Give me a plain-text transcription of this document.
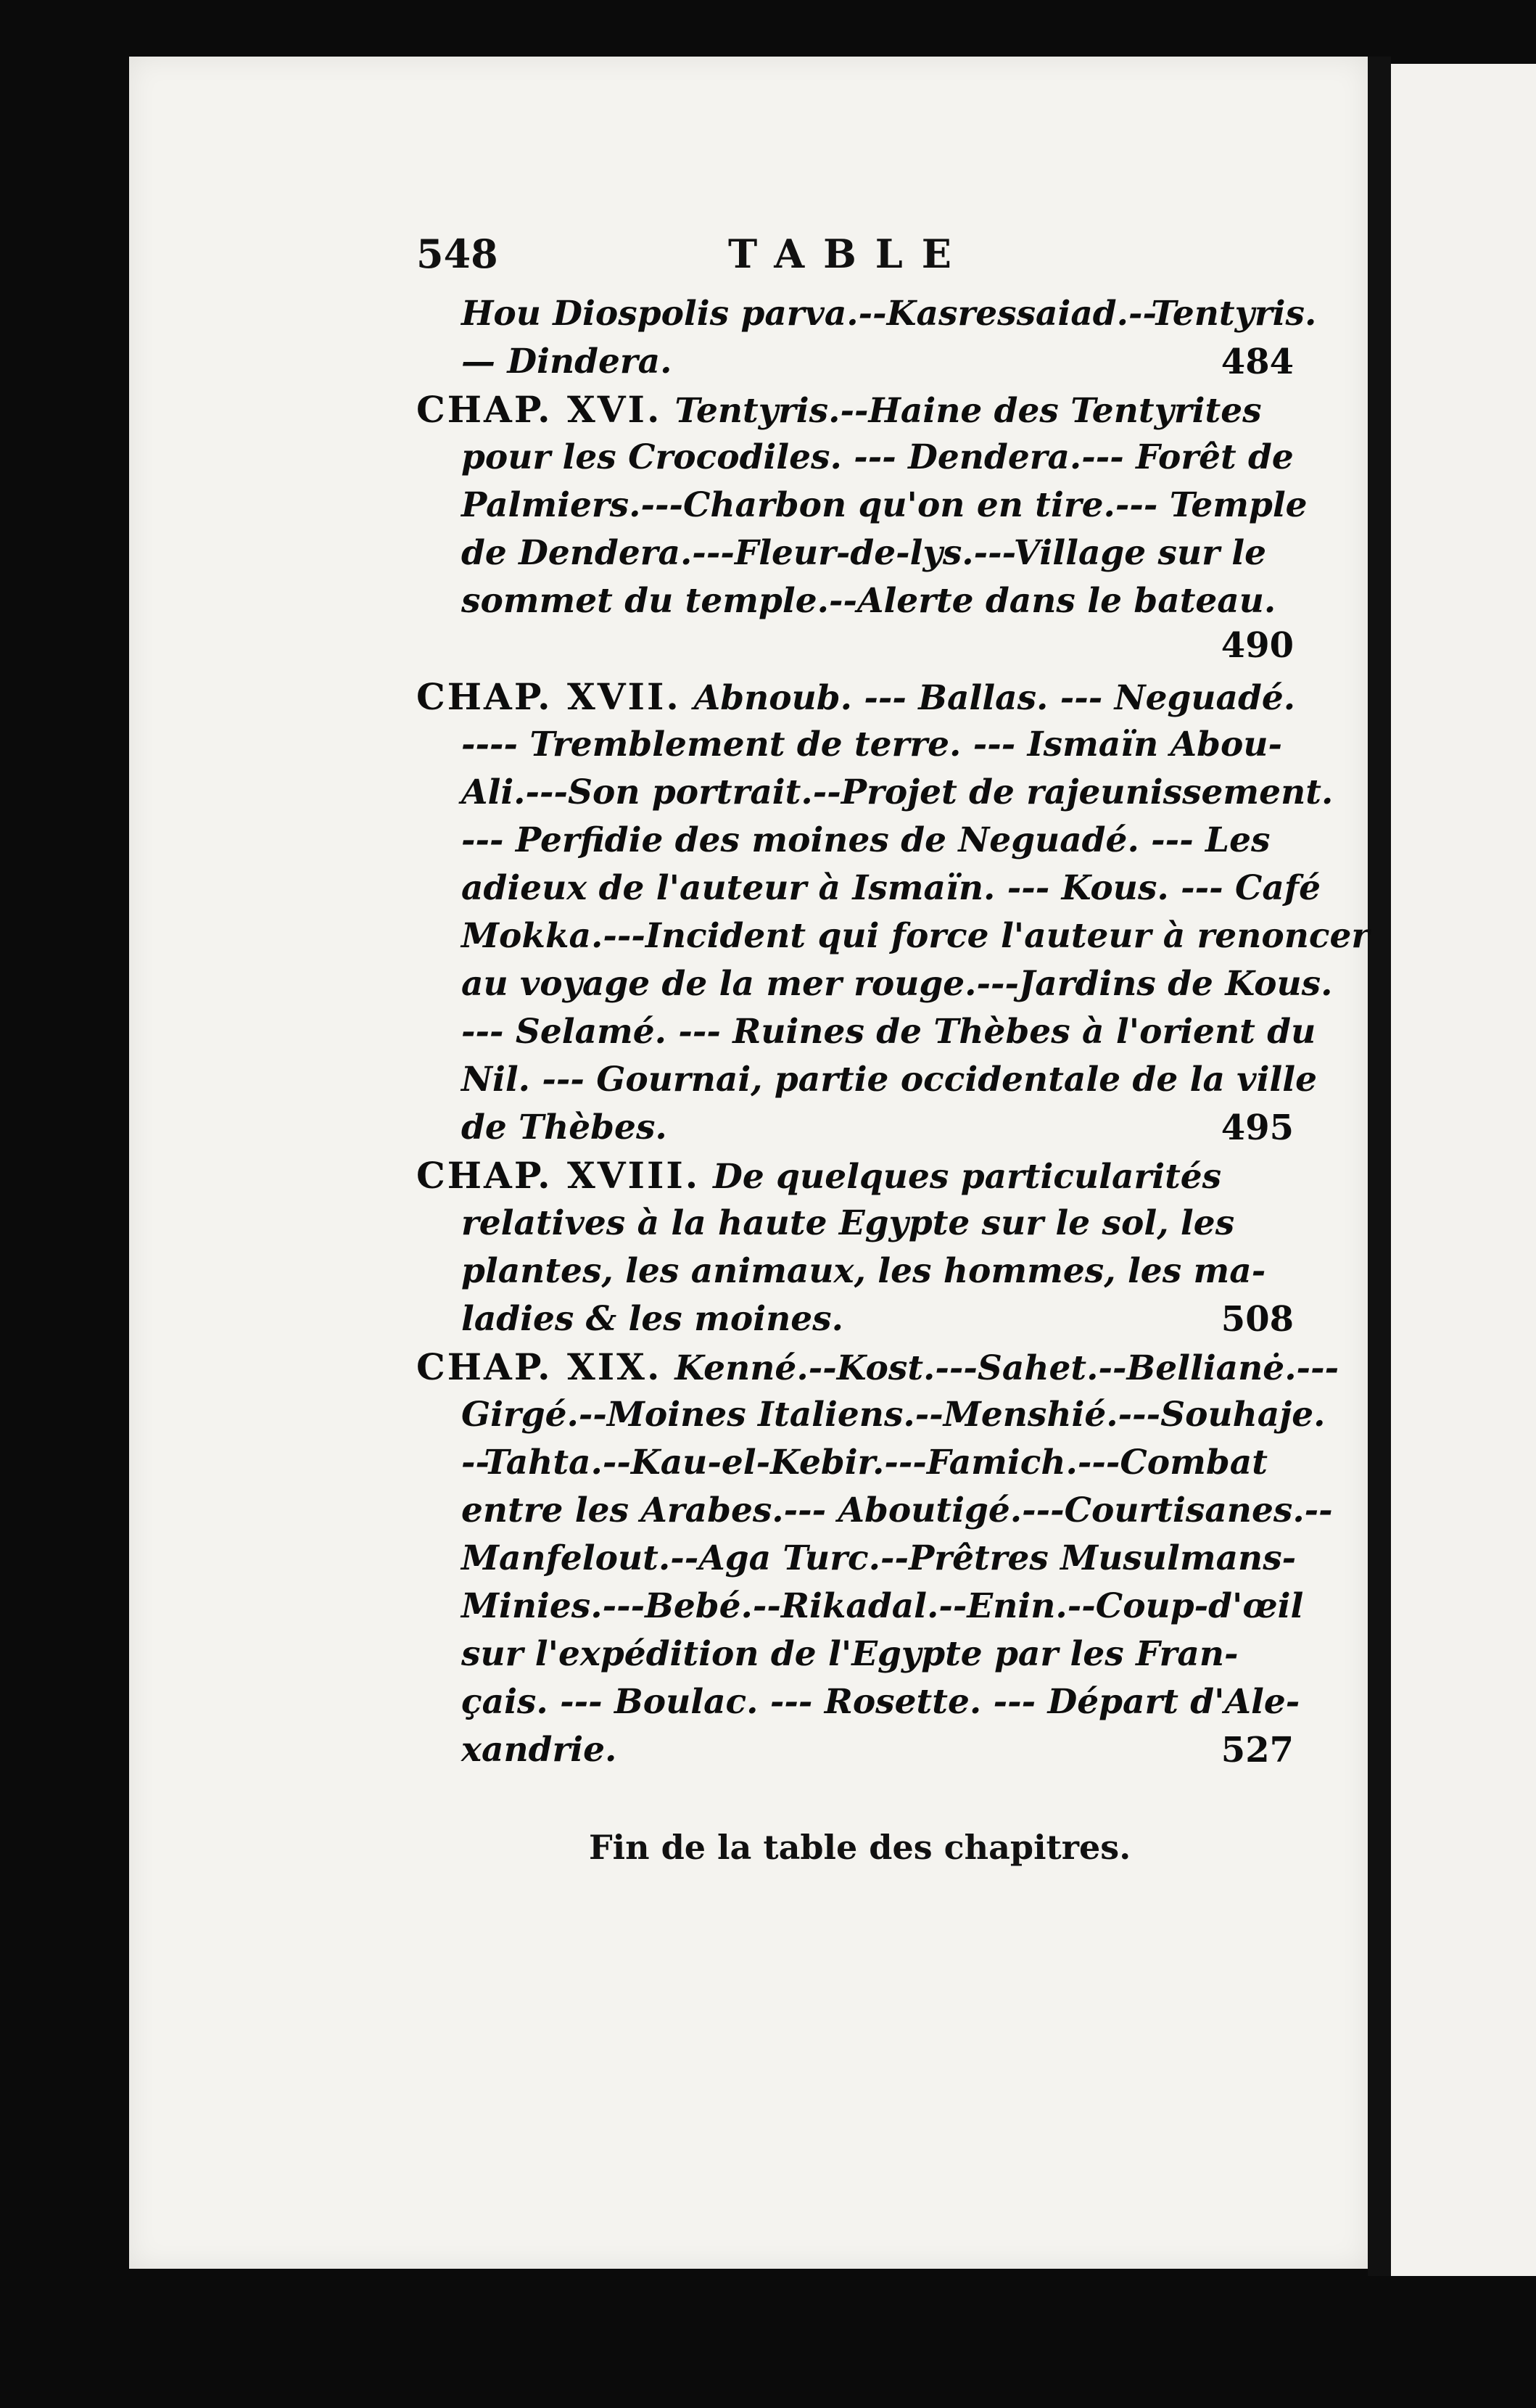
548	TABLE
Hou Diospolis parva.--Kasressaiad.--Tentyris.
— Dindera.	484
CHAP. XVI. Tentyris.--Haine des Tentyrites
pour les Crocodiles. --- Dendera.--- Forêt de
Palmiers.---Charbon qu'on en tire.--- Temple
de Dendera.---Fleur-de-lys.---Village sur le
sommet du temple.--Alerte dans le bateau.
490
CHAP. XVII. Abnoub. --- Ballas. --- Neguadé.
---- Tremblement de terre. --- Ismaïn Abou-
Ali.---Son portrait.--Projet de rajeunissement.
--- Perfidie des moines de Neguadé. --- Les
adieux de l'auteur à Ismaïn. --- Kous. --- Café
Mokka.---Incident qui force l'auteur à renoncer
au voyage de la mer rouge.---Jardins de Kous.
--- Selamé. --- Ruines de Thèbes à l'orient du
Nil. --- Gournai, partie occidentale de la ville
de Thèbes.	495
CHAP. XVIII. De quelques particularités
relatives à la haute Egypte sur le sol, les
plantes, les animaux, les hommes, les ma-
ladies & les moines.	508
CHAP. XIX. Kenné.--Kost.---Sahet.--Bellianė.---
Girgé.--Moines Italiens.--Menshié.---Souhaje.
--Tahta.--Kau-el-Kebir.---Famich.---Combat
entre les Arabes.--- Aboutigé.---Courtisanes.--
Manfelout.--Aga Turc.--Prêtres Musulmans-
Minies.---Bebé.--Rikadal.--Enin.--Coup-d'œil
sur l'expédition de l'Egypte par les Fran-
çais. --- Boulac. --- Rosette. --- Départ d'Ale-
xandrie.	527
Fin de la table des chapitres.
